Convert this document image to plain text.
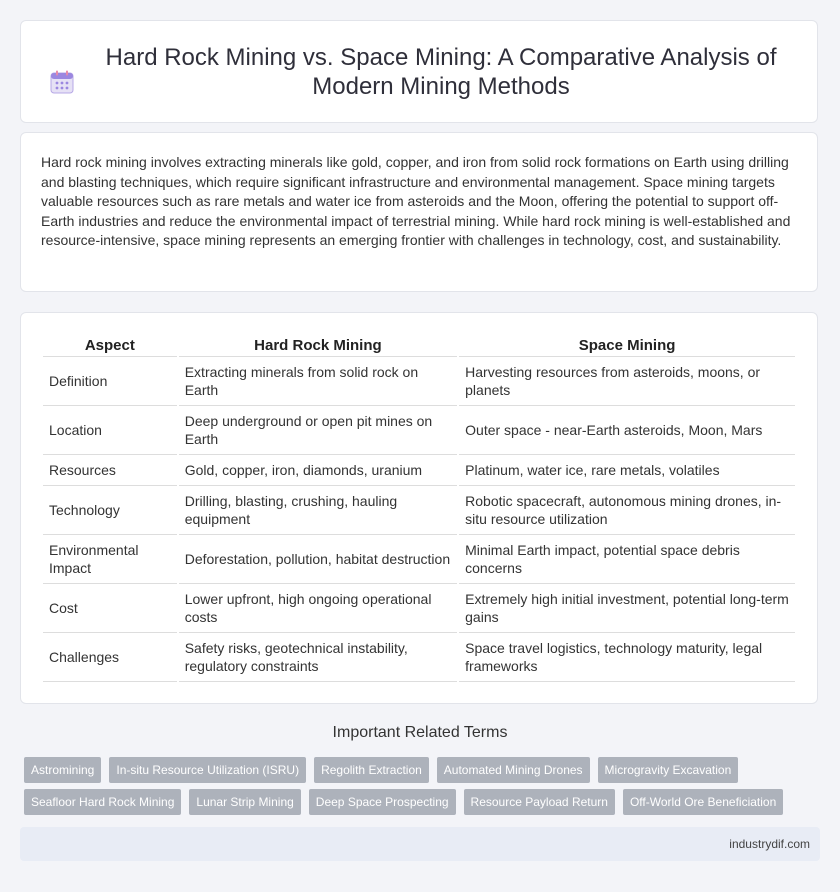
Hard Rock Mining vs. Space Mining: A Comparative Analysis of Modern Mining Methods

Hard rock mining involves extracting minerals like gold, copper, and iron from solid rock formations on Earth using drilling and blasting techniques, which require significant infrastructure and environmental management. Space mining targets valuable resources such as rare metals and water ice from asteroids and the Moon, offering the potential to support off-Earth industries and reduce the environmental impact of terrestrial mining. While hard rock mining is well-established and resource-intensive, space mining represents an emerging frontier with challenges in technology, cost, and sustainability.

Aspect	Hard Rock Mining	Space Mining
Definition	Extracting minerals from solid rock on Earth	Harvesting resources from asteroids, moons, or planets
Location	Deep underground or open pit mines on Earth	Outer space - near-Earth asteroids, Moon, Mars
Resources	Gold, copper, iron, diamonds, uranium	Platinum, water ice, rare metals, volatiles
Technology	Drilling, blasting, crushing, hauling equipment	Robotic spacecraft, autonomous mining drones, in-situ resource utilization
Environmental Impact	Deforestation, pollution, habitat destruction	Minimal Earth impact, potential space debris concerns
Cost	Lower upfront, high ongoing operational costs	Extremely high initial investment, potential long-term gains
Challenges	Safety risks, geotechnical instability, regulatory constraints	Space travel logistics, technology maturity, legal frameworks
Important Related Terms
Astromining	In-situ Resource Utilization (ISRU)	Regolith Extraction	Automated Mining Drones	Microgravity Excavation
Seafloor Hard Rock Mining	Lunar Strip Mining	Deep Space Prospecting	Resource Payload Return	Off-World Ore Beneficiation
industrydif.com
